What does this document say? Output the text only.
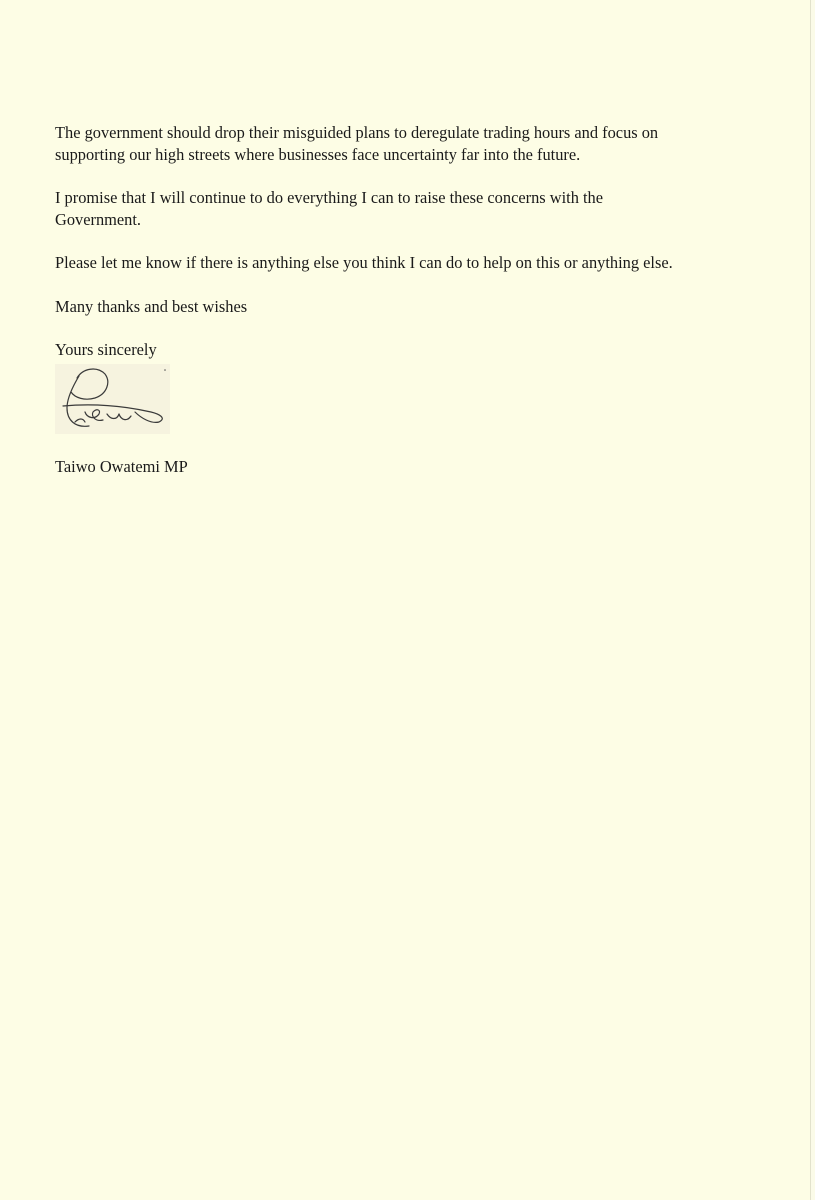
The government should drop their misguided plans to deregulate trading hours and focus on
supporting our high streets where businesses face uncertainty far into the future.

I promise that I will continue to do everything I can to raise these concerns with the
Government.

Please let me know if there is anything else you think I can do to help on this or anything else.

Many thanks and best wishes

Yours sincerely

Taiwo Owatemi MP
